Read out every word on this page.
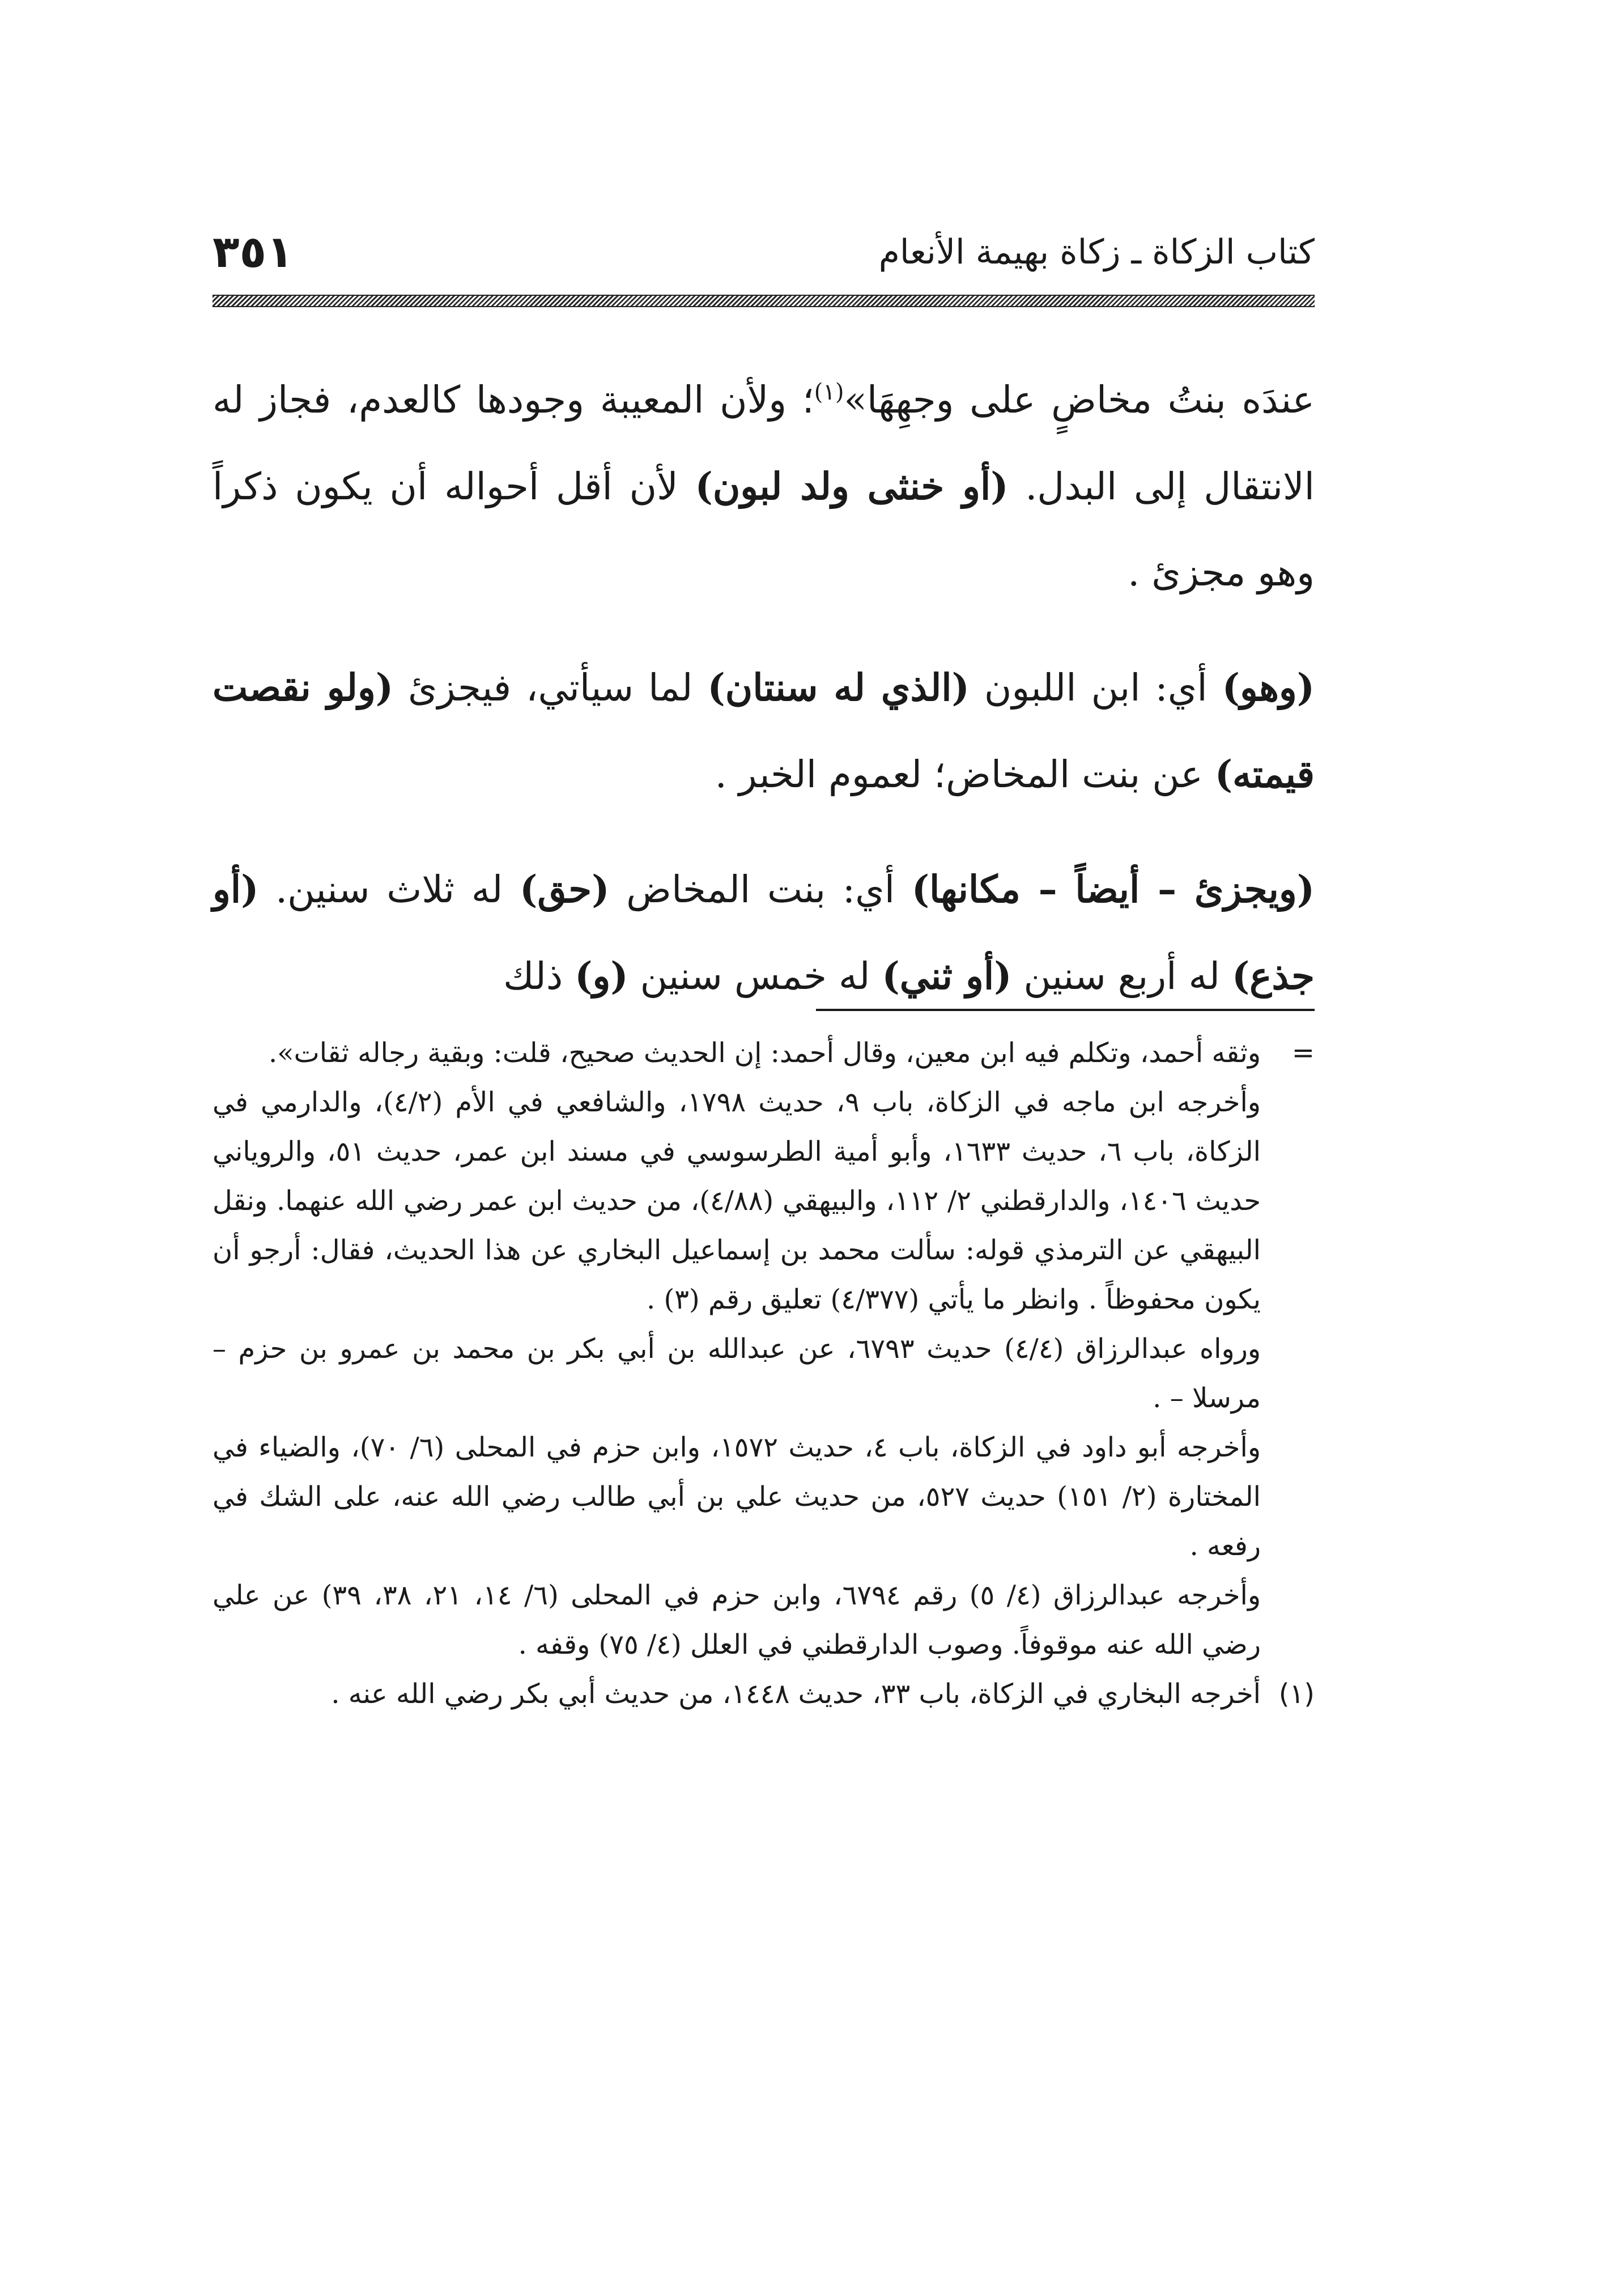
٣٥١	كتاب الزكاة ـ زكاة بهيمة الأنعام

عندَه بنتُ مخاضٍ على وجهِهَا»$^{(١)}$؛ ولأن المعيبة وجودها كالعدم، فجاز له الانتقال إلى البدل. (أو خنثى ولد لبون) لأن أقل أحواله أن يكون ذكراً وهو مجزئ .

(وهو) أي: ابن اللبون (الذي له سنتان) لما سيأتي، فيجزئ (ولو نقصت قيمته) عن بنت المخاض؛ لعموم الخبر .

(ويجزئ – أيضاً – مكانها) أي: بنت المخاض (حق) له ثلاث سنين. (أو جذع) له أربع سنين (أو ثني) له خمس سنين (و) ذلك

=

وثقه أحمد، وتكلم فيه ابن معين، وقال أحمد: إن الحديث صحيح، قلت: وبقية رجاله ثقات».

وأخرجه ابن ماجه في الزكاة، باب ٩، حديث ١٧٩٨، والشافعي في الأم (٤/٢)، والدارمي في الزكاة، باب ٦، حديث ١٦٣٣، وأبو أمية الطرسوسي في مسند ابن عمر، حديث ٥١، والروياني حديث ١٤٠٦، والدارقطني ٢/ ١١٢، والبيهقي (٤/٨٨)، من حديث ابن عمر رضي الله عنهما. ونقل البيهقي عن الترمذي قوله: سألت محمد بن إسماعيل البخاري عن هذا الحديث، فقال: أرجو أن يكون محفوظاً . وانظر ما يأتي (٤/٣٧٧) تعليق رقم (٣) .

ورواه عبدالرزاق (٤/٤) حديث ٦٧٩٣، عن عبدالله بن أبي بكر بن محمد بن عمرو بن حزم – مرسلا – .

وأخرجه أبو داود في الزكاة، باب ٤، حديث ١٥٧٢، وابن حزم في المحلى (٦/ ٧٠)، والضياء في المختارة (٢/ ١٥١) حديث ٥٢٧، من حديث علي بن أبي طالب رضي الله عنه، على الشك في رفعه .

وأخرجه عبدالرزاق (٤/ ٥) رقم ٦٧٩٤، وابن حزم في المحلى (٦/ ١٤، ٢١، ٣٨، ٣٩) عن علي رضي الله عنه موقوفاً. وصوب الدارقطني في العلل (٤/ ٧٥) وقفه .

(١)

أخرجه البخاري في الزكاة، باب ٣٣، حديث ١٤٤٨، من حديث أبي بكر رضي الله عنه .
